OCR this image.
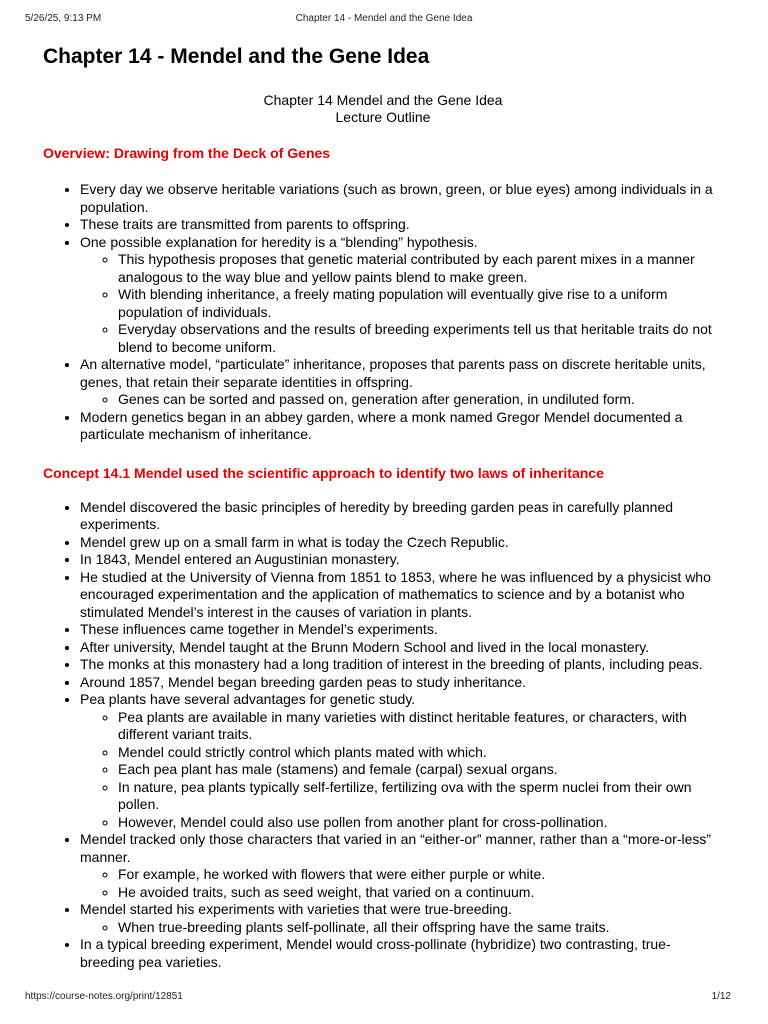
5/26/25, 9:13 PM	Chapter 14 - Mendel and the Gene Idea
Chapter 14 - Mendel and the Gene Idea
Chapter 14 Mendel and the Gene Idea
Lecture Outline
Overview: Drawing from the Deck of Genes
• Every day we observe heritable variations (such as brown, green, or blue eyes) among individuals in a population.
• These traits are transmitted from parents to offspring.
• One possible explanation for heredity is a “blending” hypothesis.
◦ This hypothesis proposes that genetic material contributed by each parent mixes in a manner analogous to the way blue and yellow paints blend to make green.
◦ With blending inheritance, a freely mating population will eventually give rise to a uniform population of individuals.
◦ Everyday observations and the results of breeding experiments tell us that heritable traits do not blend to become uniform.
• An alternative model, “particulate” inheritance, proposes that parents pass on discrete heritable units, genes, that retain their separate identities in offspring.
◦ Genes can be sorted and passed on, generation after generation, in undiluted form.
• Modern genetics began in an abbey garden, where a monk named Gregor Mendel documented a particulate mechanism of inheritance.
Concept 14.1 Mendel used the scientific approach to identify two laws of inheritance
• Mendel discovered the basic principles of heredity by breeding garden peas in carefully planned experiments.
• Mendel grew up on a small farm in what is today the Czech Republic.
• In 1843, Mendel entered an Augustinian monastery.
• He studied at the University of Vienna from 1851 to 1853, where he was influenced by a physicist who encouraged experimentation and the application of mathematics to science and by a botanist who stimulated Mendel’s interest in the causes of variation in plants.
• These influences came together in Mendel’s experiments.
• After university, Mendel taught at the Brunn Modern School and lived in the local monastery.
• The monks at this monastery had a long tradition of interest in the breeding of plants, including peas.
• Around 1857, Mendel began breeding garden peas to study inheritance.
• Pea plants have several advantages for genetic study.
◦ Pea plants are available in many varieties with distinct heritable features, or characters, with different variant traits.
◦ Mendel could strictly control which plants mated with which.
◦ Each pea plant has male (stamens) and female (carpal) sexual organs.
◦ In nature, pea plants typically self-fertilize, fertilizing ova with the sperm nuclei from their own pollen.
◦ However, Mendel could also use pollen from another plant for cross-pollination.
• Mendel tracked only those characters that varied in an “either-or” manner, rather than a “more-or-less” manner.
◦ For example, he worked with flowers that were either purple or white.
◦ He avoided traits, such as seed weight, that varied on a continuum.
• Mendel started his experiments with varieties that were true-breeding.
◦ When true-breeding plants self-pollinate, all their offspring have the same traits.
• In a typical breeding experiment, Mendel would cross-pollinate (hybridize) two contrasting, true-breeding pea varieties.
https://course-notes.org/print/12851	1/12
